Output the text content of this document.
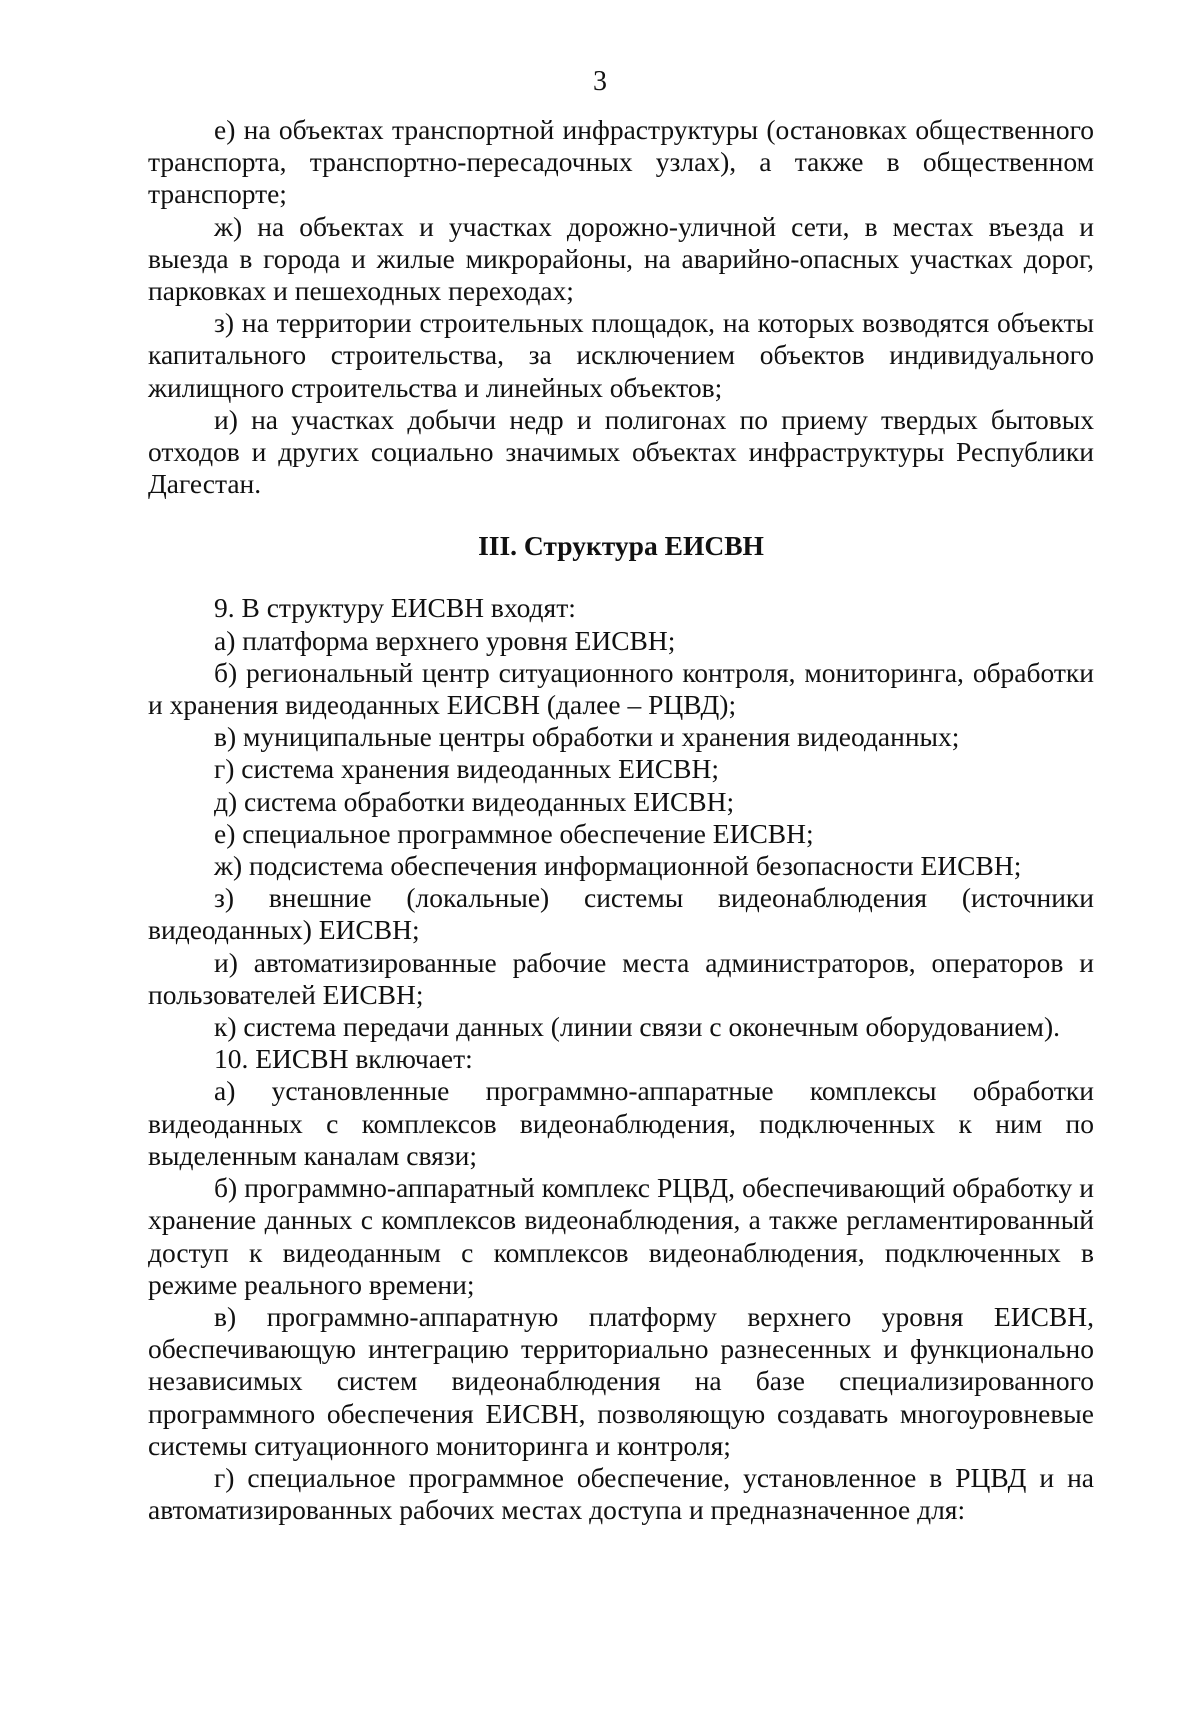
3

е) на объектах транспортной инфраструктуры (остановках общественного транспорта, транспортно-пересадочных узлах), а также в общественном транспорте;

ж) на объектах и участках дорожно-уличной сети, в местах въезда и выезда в города и жилые микрорайоны, на аварийно-опасных участках дорог, парковках и пешеходных переходах;

з) на территории строительных площадок, на которых возводятся объекты капитального строительства, за исключением объектов индивидуального жилищного строительства и линейных объектов;

и) на участках добычи недр и полигонах по приему твердых бытовых отходов и других социально значимых объектах инфраструктуры Республики Дагестан.

III. Структура ЕИСВН

9. В структуру ЕИСВН входят:

а) платформа верхнего уровня ЕИСВН;

б) региональный центр ситуационного контроля, мониторинга, обработки и хранения видеоданных ЕИСВН (далее – РЦВД);

в) муниципальные центры обработки и хранения видеоданных;

г) система хранения видеоданных ЕИСВН;

д) система обработки видеоданных ЕИСВН;

е) специальное программное обеспечение ЕИСВН;

ж) подсистема обеспечения информационной безопасности ЕИСВН;

з) внешние (локальные) системы видеонаблюдения (источники видеоданных) ЕИСВН;

и) автоматизированные рабочие места администраторов, операторов и пользователей ЕИСВН;

к) система передачи данных (линии связи с оконечным оборудованием).

10. ЕИСВН включает:

а) установленные программно-аппаратные комплексы обработки видеоданных с комплексов видеонаблюдения, подключенных к ним по выделенным каналам связи;

б) программно-аппаратный комплекс РЦВД, обеспечивающий обработку и хранение данных с комплексов видеонаблюдения, а также регламентированный доступ к видеоданным с комплексов видеонаблюдения, подключенных в режиме реального времени;

в) программно-аппаратную платформу верхнего уровня ЕИСВН, обеспечивающую интеграцию территориально разнесенных и функционально независимых систем видеонаблюдения на базе специализированного программного обеспечения ЕИСВН, позволяющую создавать многоуровневые системы ситуационного мониторинга и контроля;

г) специальное программное обеспечение, установленное в РЦВД и на автоматизированных рабочих местах доступа и предназначенное для:
